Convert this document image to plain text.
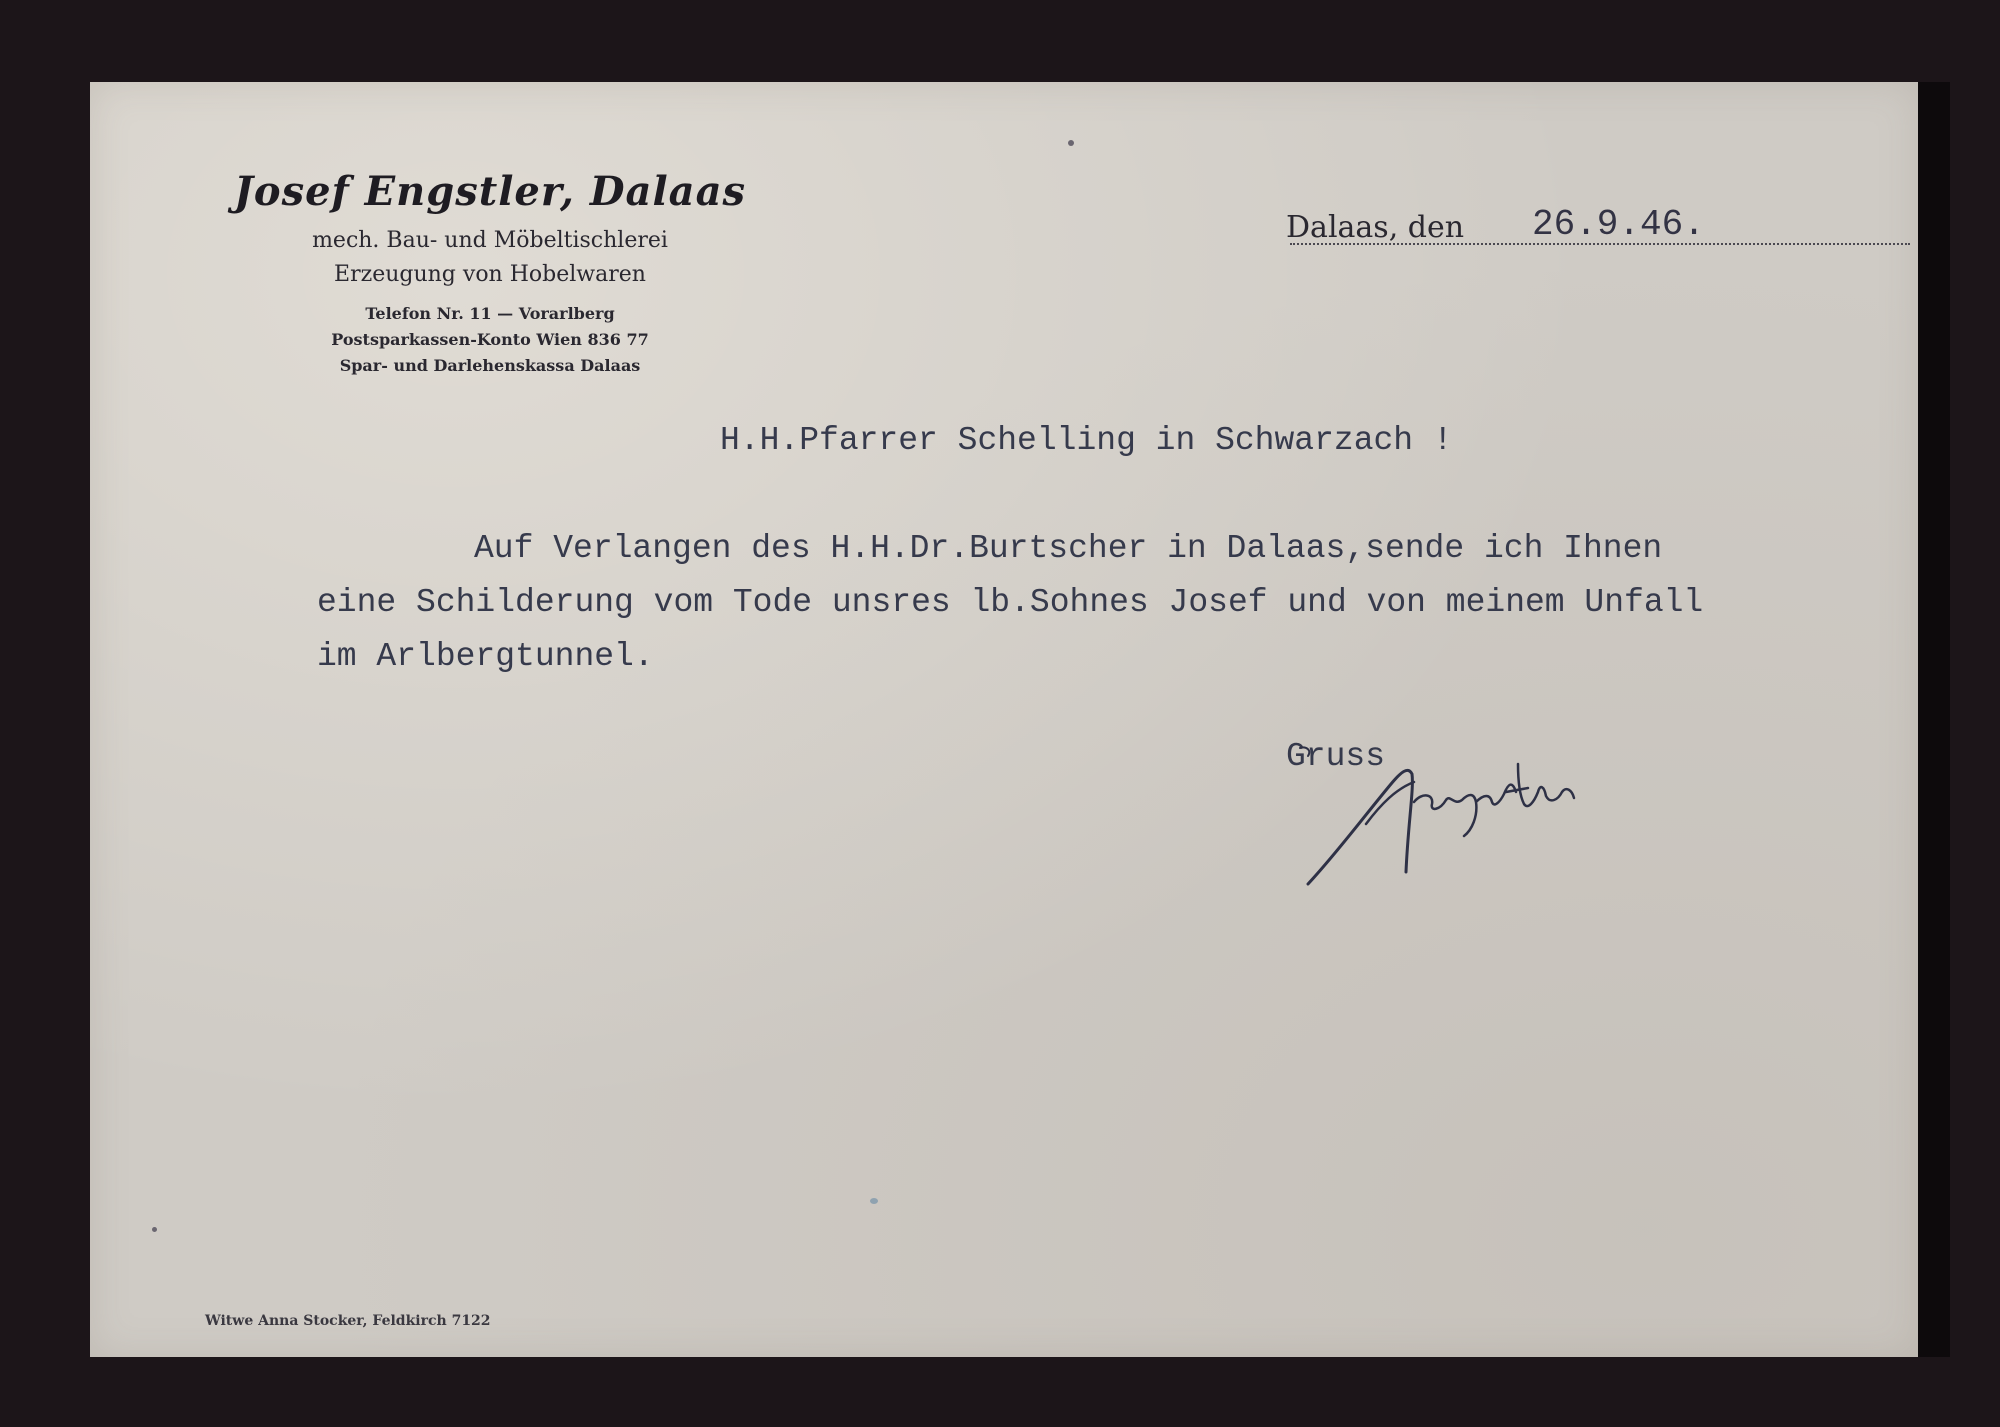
Josef Engstler, Dalaas
mech. Bau- und Möbeltischlerei
Erzeugung von Hobelwaren
Telefon Nr. 11 — Vorarlberg
Postsparkassen-Konto Wien 836 77
Spar- und Darlehenskassa Dalaas
Dalaas, den 26.9.46.
H.H.Pfarrer Schelling in Schwarzach !
Auf Verlangen des H.H.Dr.Burtscher in Dalaas,sende ich Ihnen
eine Schilderung vom Tode unsres lb.Sohnes Josef und von meinem Unfall
im Arlbergtunnel.
Gruss
Witwe Anna Stocker, Feldkirch 7122
